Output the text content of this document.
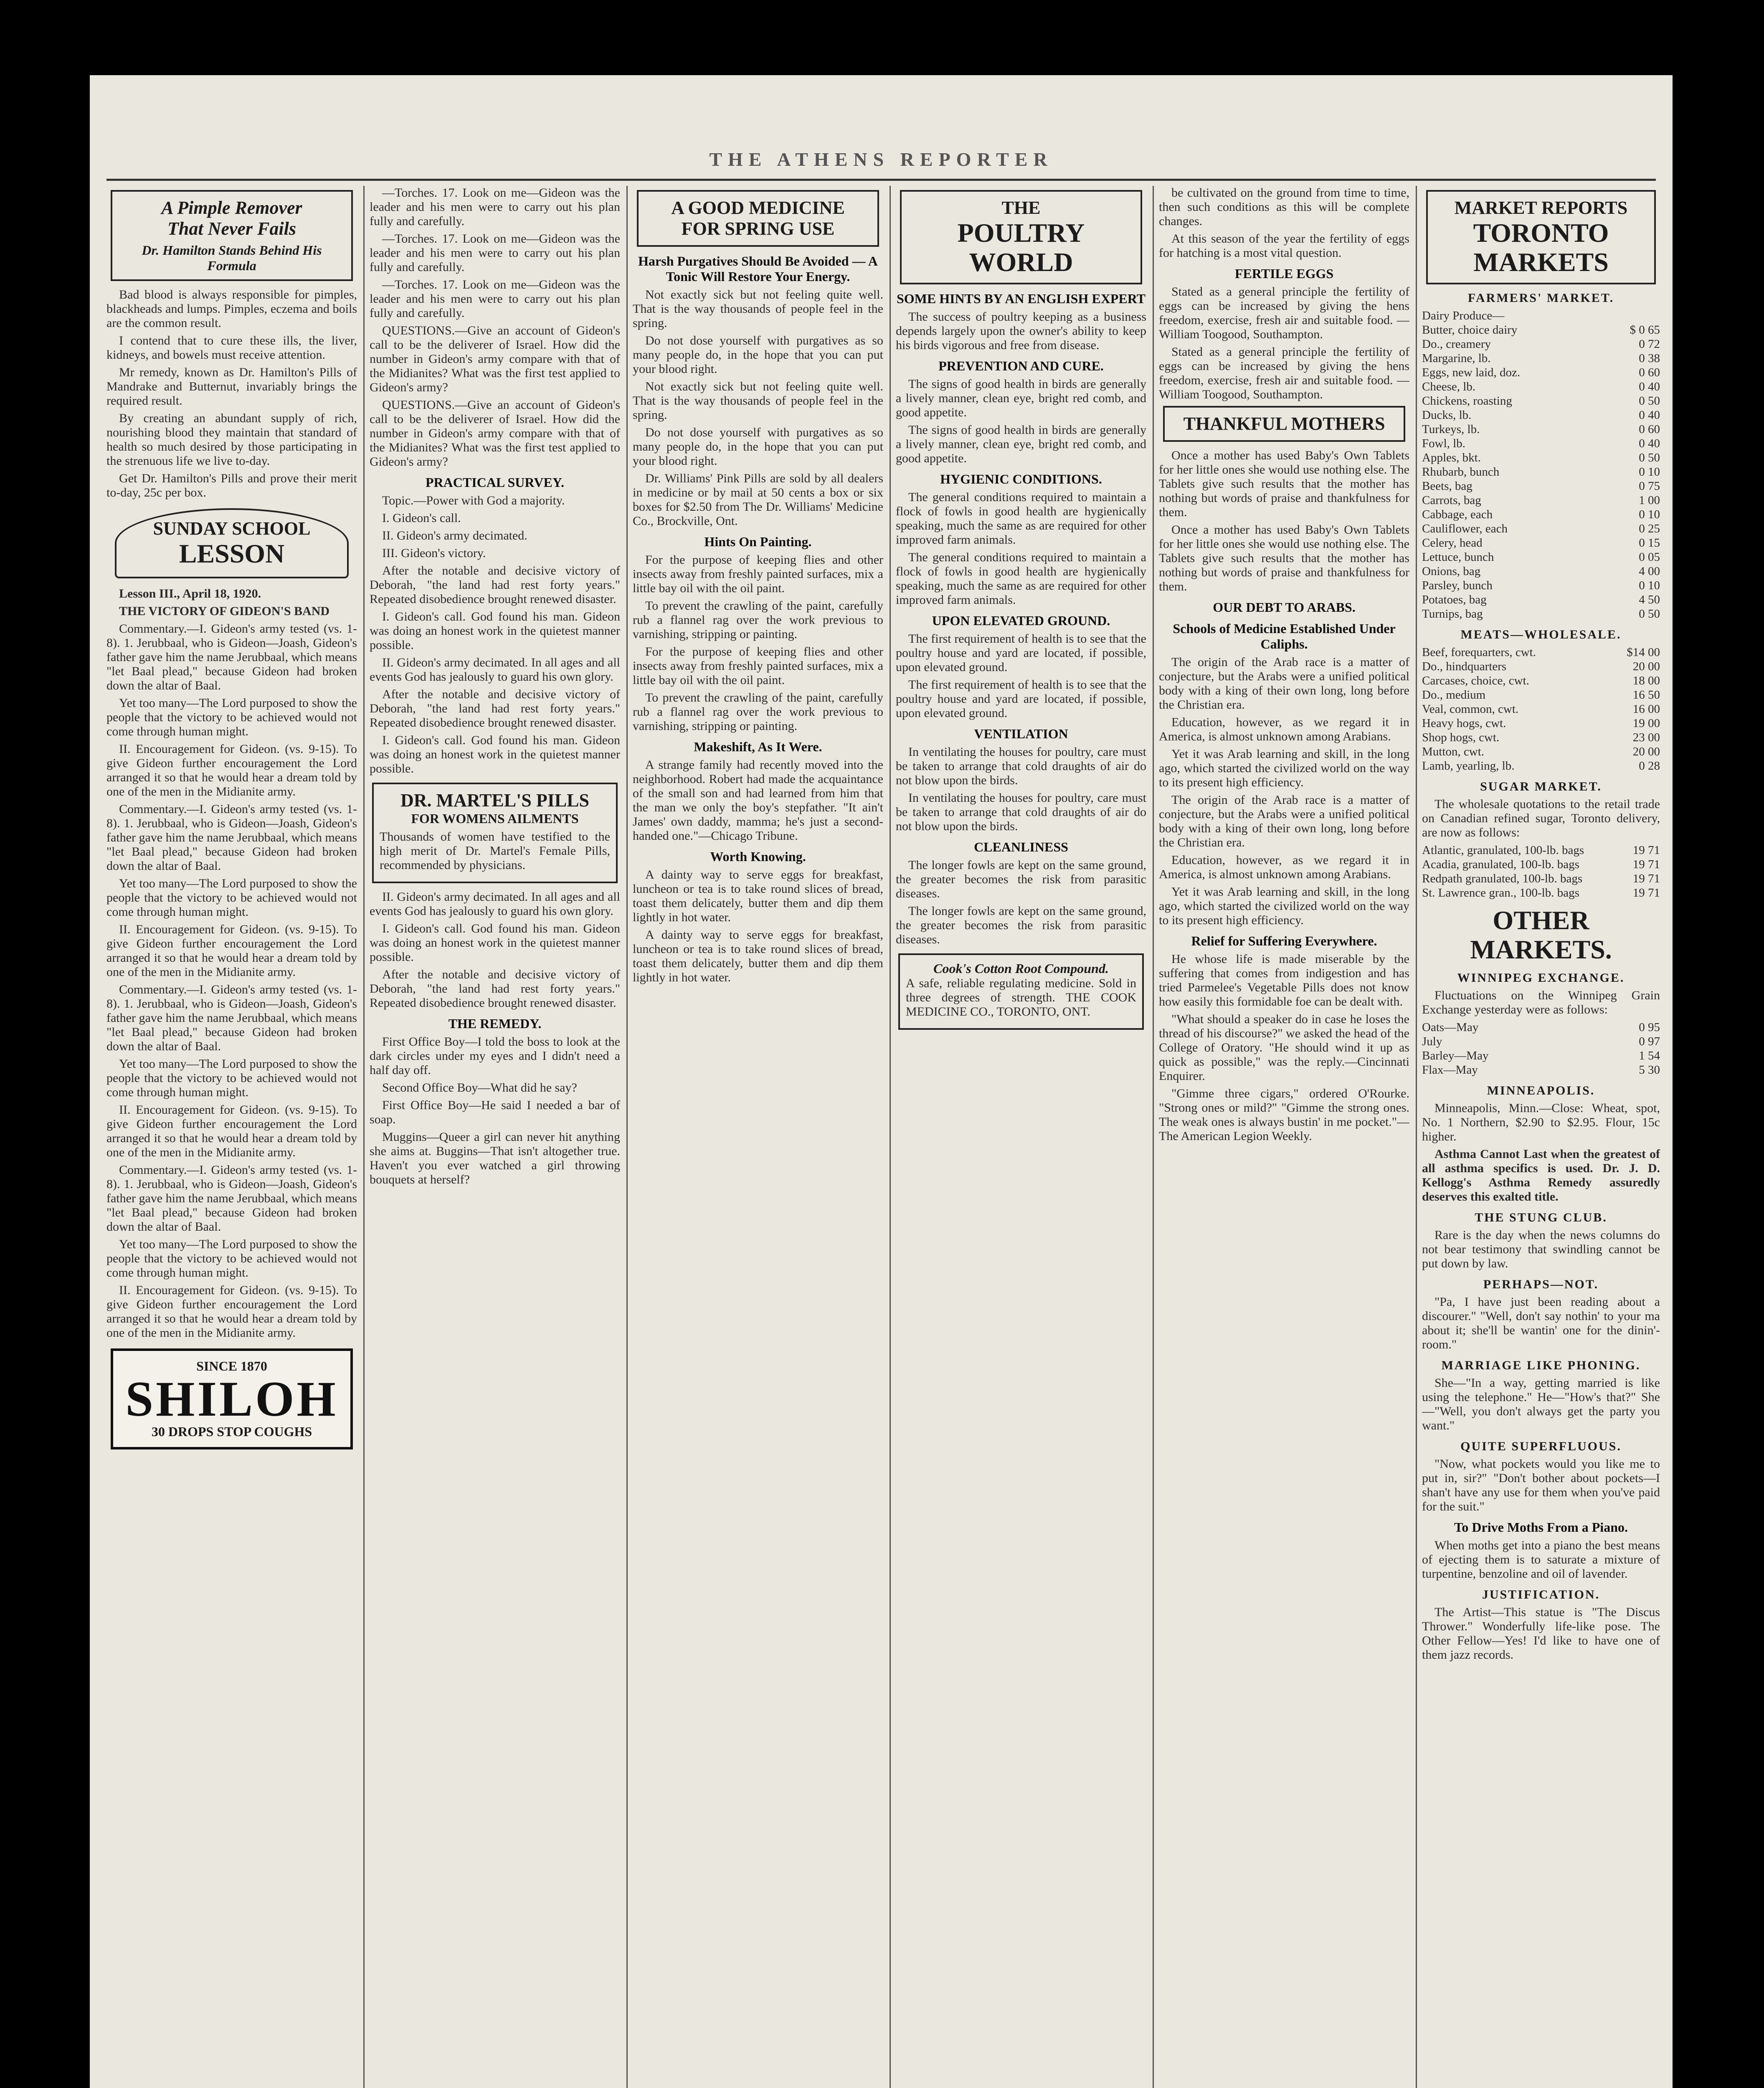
THE ATHENS REPORTER
A Pimple Remover
That Never Fails
Dr. Hamilton Stands Behind His Formula

Bad blood is always responsible for pimples, blackheads and lumps. Pimples, eczema and boils are the common result.

I contend that to cure these ills, the liver, kidneys, and bowels must receive attention.

Mr remedy, known as Dr. Hamilton's Pills of Mandrake and Butternut, invariably brings the required result.

By creating an abundant supply of rich, nourishing blood they maintain that standard of health so much desired by those participating in the strenuous life we live to-day.

Get Dr. Hamilton's Pills and prove their merit to-day, 25c per box.

SUNDAY SCHOOL
LESSON

Lesson III., April 18, 1920.

THE VICTORY OF GIDEON'S BAND

Commentary.—I. Gideon's army tested (vs. 1-8). 1. Jerubbaal, who is Gideon—Joash, Gideon's father gave him the name Jerubbaal, which means "let Baal plead," because Gideon had broken down the altar of Baal.

Yet too many—The Lord purposed to show the people that the victory to be achieved would not come through human might.

II. Encouragement for Gideon. (vs. 9-15). To give Gideon further encouragement the Lord arranged it so that he would hear a dream told by one of the men in the Midianite army.

Commentary.—I. Gideon's army tested (vs. 1-8). 1. Jerubbaal, who is Gideon—Joash, Gideon's father gave him the name Jerubbaal, which means "let Baal plead," because Gideon had broken down the altar of Baal.

Yet too many—The Lord purposed to show the people that the victory to be achieved would not come through human might.

II. Encouragement for Gideon. (vs. 9-15). To give Gideon further encouragement the Lord arranged it so that he would hear a dream told by one of the men in the Midianite army.

Commentary.—I. Gideon's army tested (vs. 1-8). 1. Jerubbaal, who is Gideon—Joash, Gideon's father gave him the name Jerubbaal, which means "let Baal plead," because Gideon had broken down the altar of Baal.

Yet too many—The Lord purposed to show the people that the victory to be achieved would not come through human might.

II. Encouragement for Gideon. (vs. 9-15). To give Gideon further encouragement the Lord arranged it so that he would hear a dream told by one of the men in the Midianite army.

Commentary.—I. Gideon's army tested (vs. 1-8). 1. Jerubbaal, who is Gideon—Joash, Gideon's father gave him the name Jerubbaal, which means "let Baal plead," because Gideon had broken down the altar of Baal.

Yet too many—The Lord purposed to show the people that the victory to be achieved would not come through human might.

II. Encouragement for Gideon. (vs. 9-15). To give Gideon further encouragement the Lord arranged it so that he would hear a dream told by one of the men in the Midianite army.

SINCE 1870
SHILOH
30 DROPS STOP COUGHS

—Torches. 17. Look on me—Gideon was the leader and his men were to carry out his plan fully and carefully.

—Torches. 17. Look on me—Gideon was the leader and his men were to carry out his plan fully and carefully.

—Torches. 17. Look on me—Gideon was the leader and his men were to carry out his plan fully and carefully.

QUESTIONS.—Give an account of Gideon's call to be the deliverer of Israel. How did the number in Gideon's army compare with that of the Midianites? What was the first test applied to Gideon's army?

QUESTIONS.—Give an account of Gideon's call to be the deliverer of Israel. How did the number in Gideon's army compare with that of the Midianites? What was the first test applied to Gideon's army?

PRACTICAL SURVEY.

Topic.—Power with God a majority.

I. Gideon's call.

II. Gideon's army decimated.

III. Gideon's victory.

After the notable and decisive victory of Deborah, "the land had rest forty years." Repeated disobedience brought renewed disaster.

I. Gideon's call. God found his man. Gideon was doing an honest work in the quietest manner possible.

II. Gideon's army decimated. In all ages and all events God has jealously to guard his own glory.

After the notable and decisive victory of Deborah, "the land had rest forty years." Repeated disobedience brought renewed disaster.

I. Gideon's call. God found his man. Gideon was doing an honest work in the quietest manner possible.

DR. MARTEL'S PILLS
FOR WOMENS AILMENTS

Thousands of women have testified to the high merit of Dr. Martel's Female Pills, recommended by physicians.

II. Gideon's army decimated. In all ages and all events God has jealously to guard his own glory.

I. Gideon's call. God found his man. Gideon was doing an honest work in the quietest manner possible.

After the notable and decisive victory of Deborah, "the land had rest forty years." Repeated disobedience brought renewed disaster.

THE REMEDY.

First Office Boy—I told the boss to look at the dark circles under my eyes and I didn't need a half day off.

Second Office Boy—What did he say?

First Office Boy—He said I needed a bar of soap.

Muggins—Queer a girl can never hit anything she aims at. Buggins—That isn't altogether true. Haven't you ever watched a girl throwing bouquets at herself?

A GOOD MEDICINE
FOR SPRING USE
Harsh Purgatives Should Be Avoided — A Tonic Will Restore Your Energy.

Not exactly sick but not feeling quite well. That is the way thousands of people feel in the spring.

Do not dose yourself with purgatives as so many people do, in the hope that you can put your blood right.

Not exactly sick but not feeling quite well. That is the way thousands of people feel in the spring.

Do not dose yourself with purgatives as so many people do, in the hope that you can put your blood right.

Dr. Williams' Pink Pills are sold by all dealers in medicine or by mail at 50 cents a box or six boxes for $2.50 from The Dr. Williams' Medicine Co., Brockville, Ont.

Hints On Painting.

For the purpose of keeping flies and other insects away from freshly painted surfaces, mix a little bay oil with the oil paint.

To prevent the crawling of the paint, carefully rub a flannel rag over the work previous to varnishing, stripping or painting.

For the purpose of keeping flies and other insects away from freshly painted surfaces, mix a little bay oil with the oil paint.

To prevent the crawling of the paint, carefully rub a flannel rag over the work previous to varnishing, stripping or painting.

Makeshift, As It Were.

A strange family had recently moved into the neighborhood. Robert had made the acquaintance of the small son and had learned from him that the man we only the boy's stepfather. "It ain't James' own daddy, mamma; he's just a second-handed one."—Chicago Tribune.

Worth Knowing.

A dainty way to serve eggs for breakfast, luncheon or tea is to take round slices of bread, toast them delicately, butter them and dip them lightly in hot water.

A dainty way to serve eggs for breakfast, luncheon or tea is to take round slices of bread, toast them delicately, butter them and dip them lightly in hot water.

THE
POULTRY WORLD
SOME HINTS BY AN ENGLISH EXPERT

The success of poultry keeping as a business depends largely upon the owner's ability to keep his birds vigorous and free from disease.

PREVENTION AND CURE.

The signs of good health in birds are generally a lively manner, clean eye, bright red comb, and good appetite.

The signs of good health in birds are generally a lively manner, clean eye, bright red comb, and good appetite.

HYGIENIC CONDITIONS.

The general conditions required to maintain a flock of fowls in good health are hygienically speaking, much the same as are required for other improved farm animals.

The general conditions required to maintain a flock of fowls in good health are hygienically speaking, much the same as are required for other improved farm animals.

UPON ELEVATED GROUND.

The first requirement of health is to see that the poultry house and yard are located, if possible, upon elevated ground.

The first requirement of health is to see that the poultry house and yard are located, if possible, upon elevated ground.

VENTILATION

In ventilating the houses for poultry, care must be taken to arrange that cold draughts of air do not blow upon the birds.

In ventilating the houses for poultry, care must be taken to arrange that cold draughts of air do not blow upon the birds.

CLEANLINESS

The longer fowls are kept on the same ground, the greater becomes the risk from parasitic diseases.

The longer fowls are kept on the same ground, the greater becomes the risk from parasitic diseases.

Cook's Cotton Root Compound.

A safe, reliable regulating medicine. Sold in three degrees of strength. THE COOK MEDICINE CO., TORONTO, ONT.

be cultivated on the ground from time to time, then such conditions as this will be complete changes.

At this season of the year the fertility of eggs for hatching is a most vital question.

FERTILE EGGS

Stated as a general principle the fertility of eggs can be increased by giving the hens freedom, exercise, fresh air and suitable food. — William Toogood, Southampton.

Stated as a general principle the fertility of eggs can be increased by giving the hens freedom, exercise, fresh air and suitable food. — William Toogood, Southampton.

THANKFUL MOTHERS

Once a mother has used Baby's Own Tablets for her little ones she would use nothing else. The Tablets give such results that the mother has nothing but words of praise and thankfulness for them.

Once a mother has used Baby's Own Tablets for her little ones she would use nothing else. The Tablets give such results that the mother has nothing but words of praise and thankfulness for them.

OUR DEBT TO ARABS.
Schools of Medicine Established Under Caliphs.

The origin of the Arab race is a matter of conjecture, but the Arabs were a unified political body with a king of their own long, long before the Christian era.

Education, however, as we regard it in America, is almost unknown among Arabians.

Yet it was Arab learning and skill, in the long ago, which started the civilized world on the way to its present high efficiency.

The origin of the Arab race is a matter of conjecture, but the Arabs were a unified political body with a king of their own long, long before the Christian era.

Education, however, as we regard it in America, is almost unknown among Arabians.

Yet it was Arab learning and skill, in the long ago, which started the civilized world on the way to its present high efficiency.

Relief for Suffering Everywhere.

He whose life is made miserable by the suffering that comes from indigestion and has tried Parmelee's Vegetable Pills does not know how easily this formidable foe can be dealt with.

"What should a speaker do in case he loses the thread of his discourse?" we asked the head of the College of Oratory. "He should wind it up as quick as possible," was the reply.—Cincinnati Enquirer.

"Gimme three cigars," ordered O'Rourke. "Strong ones or mild?" "Gimme the strong ones. The weak ones is always bustin' in me pocket."—The American Legion Weekly.

MARKET REPORTS
TORONTO MARKETS
FARMERS' MARKET.
Dairy Produce—
Butter, choice dairy	$ 0 65
Do., creamery	0 72
Margarine, lb.	0 38
Eggs, new laid, doz.	0 60
Cheese, lb.	0 40
Chickens, roasting	0 50
Ducks, lb.	0 40
Turkeys, lb.	0 60
Fowl, lb.	0 40
Apples, bkt.	0 50
Rhubarb, bunch	0 10
Beets, bag	0 75
Carrots, bag	1 00
Cabbage, each	0 10
Cauliflower, each	0 25
Celery, head	0 15
Lettuce, bunch	0 05
Onions, bag	4 00
Parsley, bunch	0 10
Potatoes, bag	4 50
Turnips, bag	0 50
MEATS—WHOLESALE.
Beef, forequarters, cwt.	$14 00
Do., hindquarters	20 00
Carcases, choice, cwt.	18 00
Do., medium	16 50
Veal, common, cwt.	16 00
Heavy hogs, cwt.	19 00
Shop hogs, cwt.	23 00
Mutton, cwt.	20 00
Lamb, yearling, lb.	0 28
SUGAR MARKET.

The wholesale quotations to the retail trade on Canadian refined sugar, Toronto delivery, are now as follows:

Atlantic, granulated, 100-lb. bags	19 71
Acadia, granulated, 100-lb. bags	19 71
Redpath granulated, 100-lb. bags	19 71
St. Lawrence gran., 100-lb. bags	19 71
OTHER MARKETS.
WINNIPEG EXCHANGE.

Fluctuations on the Winnipeg Grain Exchange yesterday were as follows:

Oats—May	0 95
July	0 97
Barley—May	1 54
Flax—May	5 30
MINNEAPOLIS.

Minneapolis, Minn.—Close: Wheat, spot, No. 1 Northern, $2.90 to $2.95. Flour, 15c higher.

Asthma Cannot Last when the greatest of all asthma specifics is used. Dr. J. D. Kellogg's Asthma Remedy assuredly deserves this exalted title.

THE STUNG CLUB.

Rare is the day when the news columns do not bear testimony that swindling cannot be put down by law.

PERHAPS—NOT.

"Pa, I have just been reading about a discourer." "Well, don't say nothin' to your ma about it; she'll be wantin' one for the dinin'-room."

MARRIAGE LIKE PHONING.

She—"In a way, getting married is like using the telephone." He—"How's that?" She—"Well, you don't always get the party you want."

QUITE SUPERFLUOUS.

"Now, what pockets would you like me to put in, sir?" "Don't bother about pockets—I shan't have any use for them when you've paid for the suit."

To Drive Moths From a Piano.

When moths get into a piano the best means of ejecting them is to saturate a mixture of turpentine, benzoline and oil of lavender.

JUSTIFICATION.

The Artist—This statue is "The Discus Thrower." Wonderfully life-like pose. The Other Fellow—Yes! I'd like to have one of them jazz records.
